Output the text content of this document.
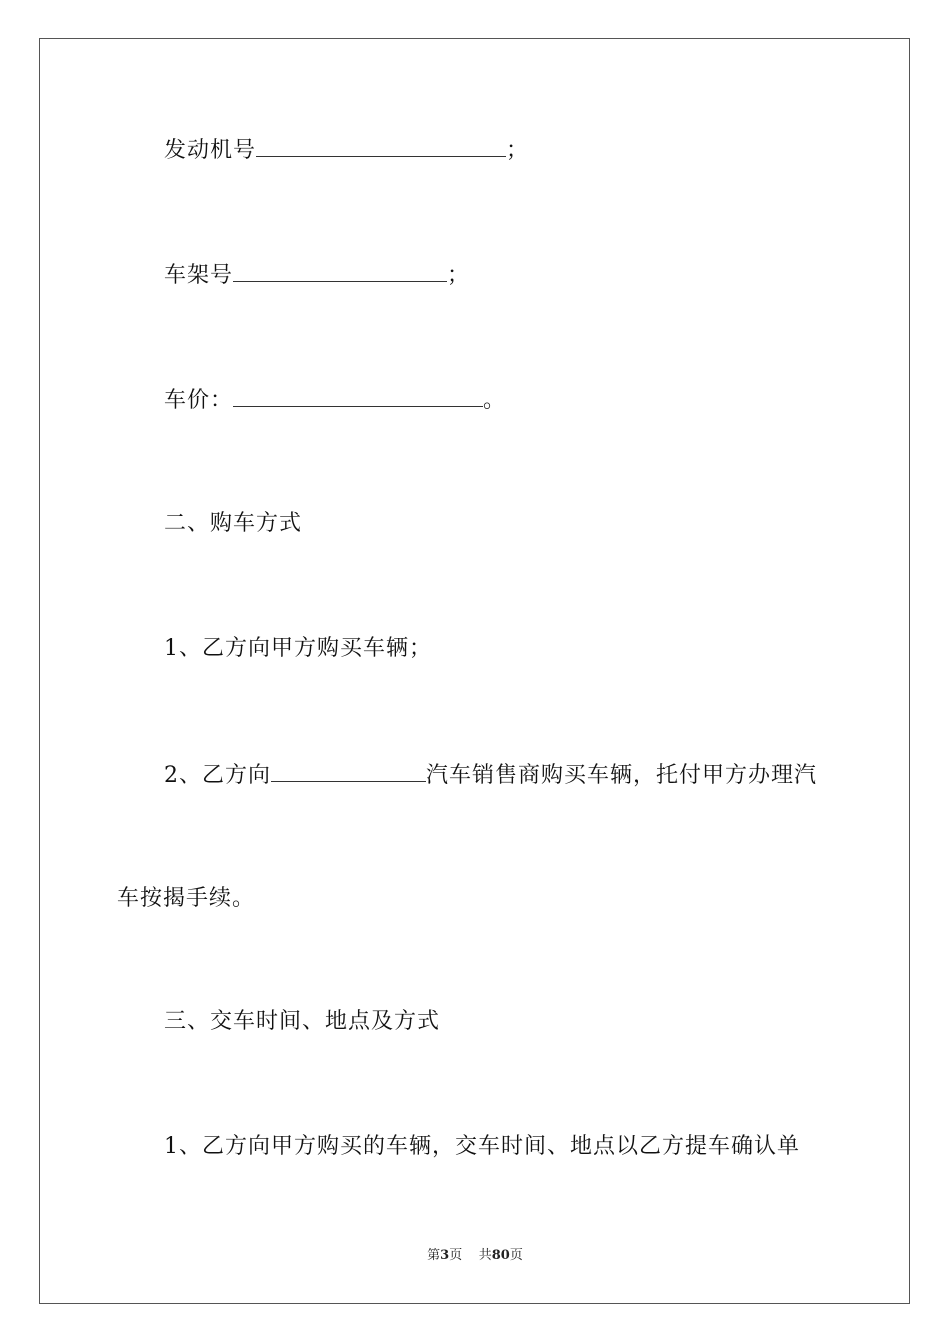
发动机号	；
车架号	；
车价：	。
二、购车方式
1、乙方向甲方购买车辆；
2、乙方向	汽车销售商购买车辆，托付甲方办理汽
车按揭手续。
三、交车时间、地点及方式
1、乙方向甲方购买的车辆，交车时间、地点以乙方提车确认单
第3页 共80页
